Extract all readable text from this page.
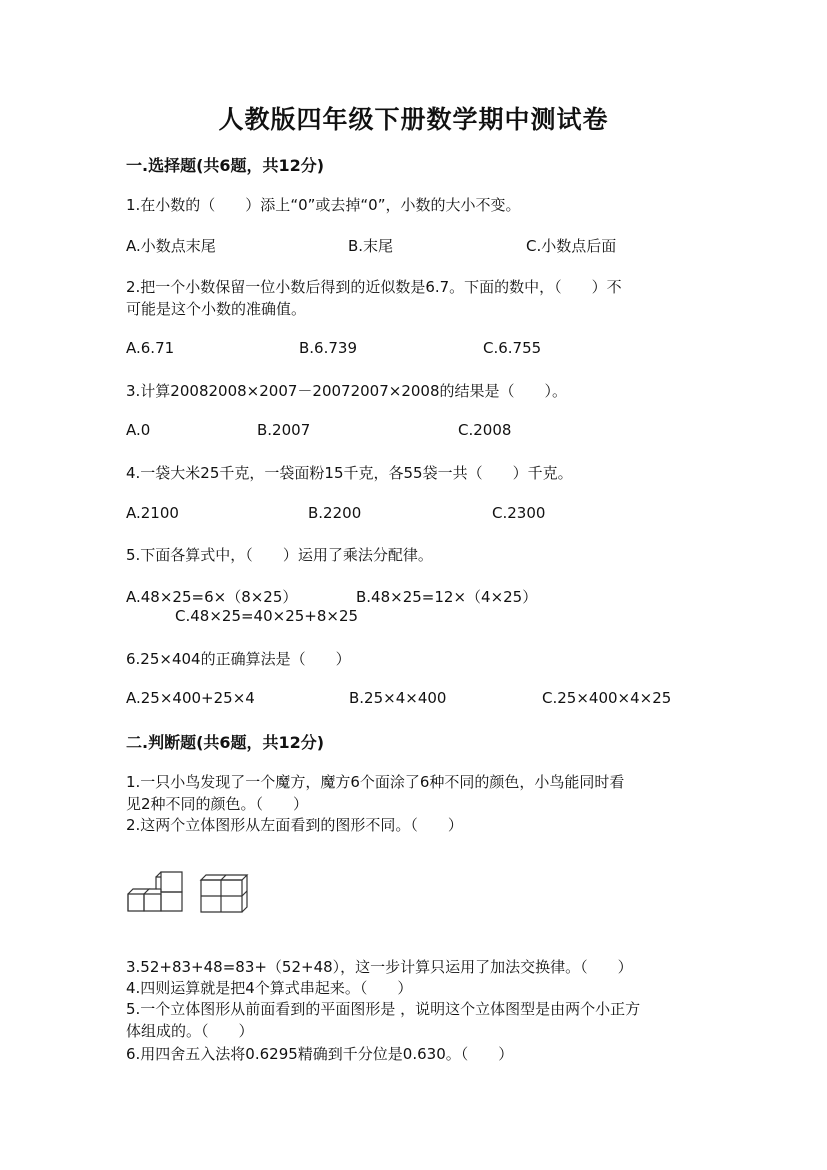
人教版四年级下册数学期中测试卷
一.选择题(共6题，共12分)
1.在小数的（　　）添上“0”或去掉“0”，小数的大小不变。
A.小数点末尾	B.末尾	C.小数点后面
2.把一个小数保留一位小数后得到的近似数是6.7。下面的数中，（　　）不
可能是这个小数的准确值。
A.6.71	B.6.739	C.6.755
3.计算20082008×2007－20072007×2008的结果是（　　）。
A.0	B.2007	C.2008
4.一袋大米25千克，一袋面粉15千克，各55袋一共（　　）千克。
A.2100	B.2200	C.2300
5.下面各算式中，（　　）运用了乘法分配律。
A.48×25=6×（8×25）	B.48×25=12×（4×25）
C.48×25=40×25+8×25
6.25×404的正确算法是（　　）
A.25×400+25×4	B.25×4×400	C.25×400×4×25
二.判断题(共6题，共12分)
1.一只小鸟发现了一个魔方，魔方6个面涂了6种不同的颜色，小鸟能同时看
见2种不同的颜色。（　　）
2.这两个立体图形从左面看到的图形不同。（　　）
3.52+83+48=83+（52+48），这一步计算只运用了加法交换律。（　　）
4.四则运算就是把4个算式串起来。（　　）
5.一个立体图形从前面看到的平面图形是 ，说明这个立体图型是由两个小正方
体组成的。（　　）
6.用四舍五入法将0.6295精确到千分位是0.630。（　　）
